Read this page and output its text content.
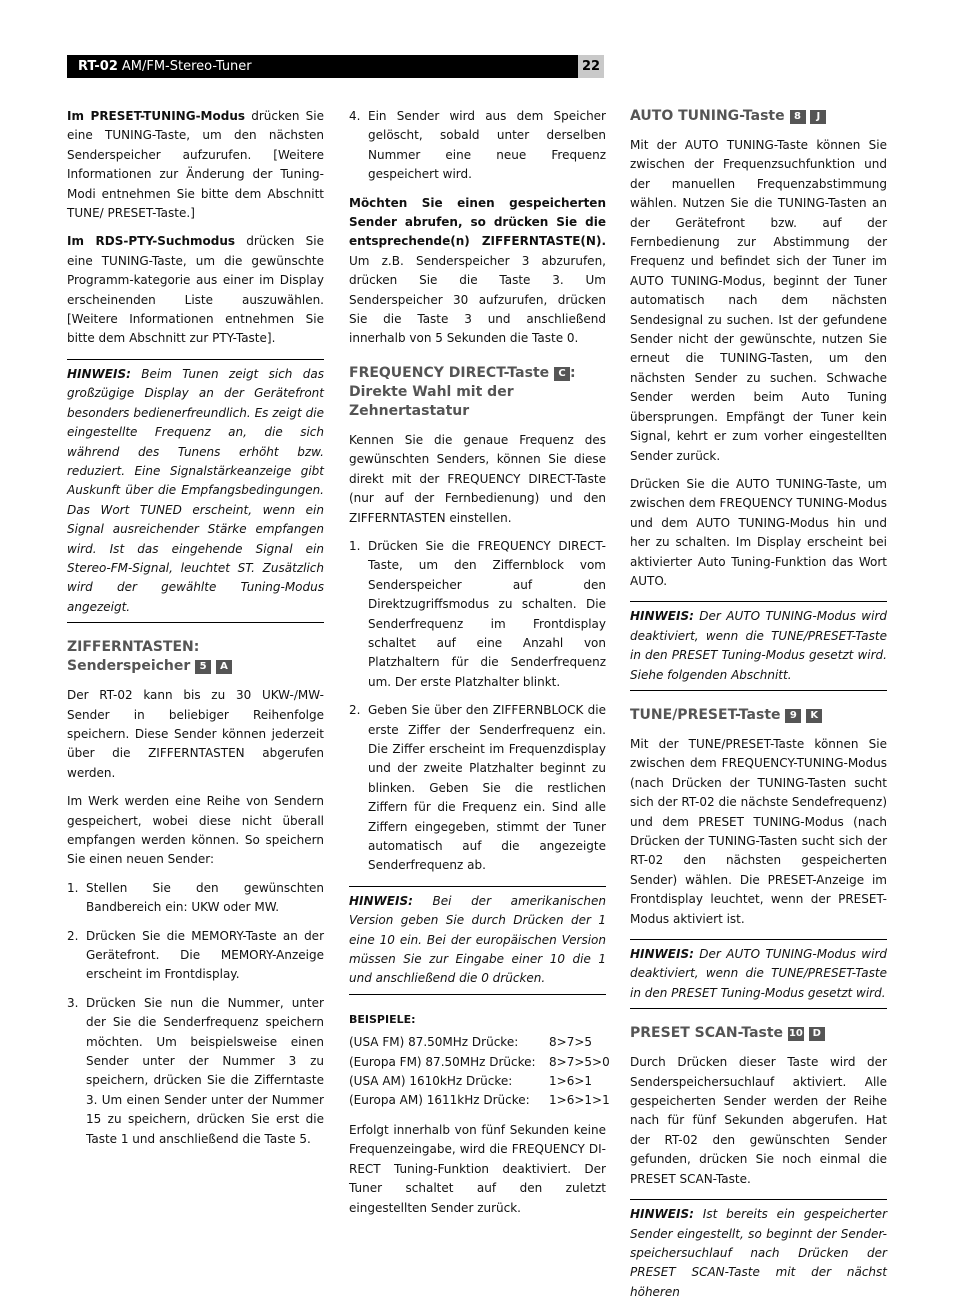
RT-02 AM/FM-Stereo-Tuner	22

Im PRESET-TUNING-Modus drücken Sie eine TUNING-Taste, um den nächsten Senderspeicher aufzurufen. [Weitere Informationen zur Änderung der Tuning-Modi entnehmen Sie bitte dem Abschnitt TUNE/ PRESET-Taste.]

Im RDS-PTY-Suchmodus drücken Sie eine TUNING-Taste, um die gewünschte Programm-kategorie aus einer im Display erscheinenden Liste auszuwählen. [Weitere Informationen entnehmen Sie bitte dem Abschnitt zur PTY-Taste].

HINWEIS: Beim Tunen zeigt sich das großzügige Display an der Gerätefront besonders bedienerfreundlich. Es zeigt die eingestellte Frequenz an, die sich während des Tunens erhöht bzw. reduziert. Eine Signalstärkeanzeige gibt Auskunft über die Empfangsbedingungen. Das Wort TUNED erscheint, wenn ein Signal ausreichender Stärke empfangen wird. Ist das eingehende Signal ein Stereo-FM-Signal, leuchtet ST. Zusätzlich wird der gewählte Tuning-Modus angezeigt.
ZIFFERNTASTEN:
Senderspeicher 5 A

Der RT-02 kann bis zu 30 UKW-/MW-Sender in beliebiger Reihenfolge speichern. Diese Sender können jederzeit über die ZIFFERNTASTEN abgerufen werden.

Im Werk werden eine Reihe von Sendern gespeichert, wobei diese nicht überall empfangen werden können. So speichern Sie einen neuen Sender:

1. Stellen Sie den gewünschten Bandbereich ein: UKW oder MW.
2. Drücken Sie die MEMORY-Taste an der Gerätefront. Die MEMORY-Anzeige erscheint im Frontdisplay.
3. Drücken Sie nun die Nummer, unter der Sie die Senderfrequenz speichern möchten. Um beispielsweise einen Sender unter der Nummer 3 zu speichern, drücken Sie die Zifferntaste 3. Um einen Sender unter der Nummer 15 zu speichern, drücken Sie erst die Taste 1 und anschließend die Taste 5.
4. Ein Sender wird aus dem Speicher gelöscht, sobald unter derselben Nummer eine neue Frequenz gespeichert wird.

Möchten Sie einen gespeicherten Sender abrufen, so drücken Sie die entsprechende(n) ZIFFERNTASTE(N). Um z.B. Senderspeicher 3 abzurufen, drücken Sie die Taste 3. Um Senderspeicher 30 aufzurufen, drücken Sie die Taste 3 und anschließend innerhalb von 5 Sekunden die Taste 0.

FREQUENCY DIRECT-Taste C :
Direkte Wahl mit der
Zehnertastatur

Kennen Sie die genaue Frequenz des gewünschten Senders, können Sie diese direkt mit der FREQUENCY DIRECT-Taste (nur auf der Fernbedienung) und den ZIFFERNTASTEN einstellen.

1. Drücken Sie die FREQUENCY DIRECT-Taste, um den Ziffernblock vom Senderspeicher auf den Direktzugriffsmodus zu schalten. Die Senderfrequenz im Frontdisplay schaltet auf eine Anzahl von Platzhaltern für die Senderfrequenz um. Der erste Platzhalter blinkt.
2. Geben Sie über den ZIFFERNBLOCK die erste Ziffer der Senderfrequenz ein. Die Ziffer erscheint im Frequenzdisplay und der zweite Platzhalter beginnt zu blinken. Geben Sie die restlichen Ziffern für die Frequenz ein. Sind alle Ziffern eingegeben, stimmt der Tuner automatisch auf die angezeigte Senderfrequenz ab.
HINWEIS: Bei der amerikanischen Version geben Sie durch Drücken der 1 eine 10 ein. Bei der europäischen Version müssen Sie zur Eingabe einer 10 die 1 und anschließend die 0 drücken.
BEISPIELE:
(USA FM) 87.50MHz Drücke:	8>7>5
(Europa FM) 87.50MHz Drücke: 8>7>5>0
(USA AM) 1610kHz Drücke:	1>6>1
(Europa AM) 1611kHz Drücke: 1>6>1>1

Erfolgt innerhalb von fünf Sekunden keine Frequenzeingabe, wird die FREQUENCY DI-RECT Tuning-Funktion deaktiviert. Der Tuner schaltet auf den zuletzt eingestellten Sender zurück.

AUTO TUNING-Taste 8 J

Mit der AUTO TUNING-Taste können Sie zwischen der Frequenzsuchfunktion und der manuellen Frequenzabstimmung wählen. Nutzen Sie die TUNING-Tasten an der Gerätefront bzw. auf der Fernbedienung zur Abstimmung der Frequenz und befindet sich der Tuner im AUTO TUNING-Modus, beginnt der Tuner automatisch nach dem nächsten Sendesignal zu suchen. Ist der gefundene Sender nicht der gewünschte, nutzen Sie erneut die TUNING-Tasten, um den nächsten Sender zu suchen. Schwache Sender werden beim Auto Tuning übersprungen. Empfängt der Tuner kein Signal, kehrt er zum vorher eingestellten Sender zurück.

Drücken Sie die AUTO TUNING-Taste, um zwischen dem FREQUENCY TUNING-Modus und dem AUTO TUNING-Modus hin und her zu schalten. Im Display erscheint bei aktivierter Auto Tuning-Funktion das Wort AUTO.

HINWEIS: Der AUTO TUNING-Modus wird deaktiviert, wenn die TUNE/PRESET-Taste in den PRESET Tuning-Modus gesetzt wird. Siehe folgenden Abschnitt.
TUNE/PRESET-Taste 9 K

Mit der TUNE/PRESET-Taste können Sie zwischen dem FREQUENCY-TUNING-Modus (nach Drücken der TUNING-Tasten sucht sich der RT-02 die nächste Sendefrequenz) und dem PRESET TUNING-Modus (nach Drücken der TUNING-Tasten sucht sich der RT-02 den nächsten gespeicherten Sender) wählen. Die PRESET-Anzeige im Frontdisplay leuchtet, wenn der PRESET-Modus aktiviert ist.

HINWEIS: Der AUTO TUNING-Modus wird deaktiviert, wenn die TUNE/PRESET-Taste in den PRESET Tuning-Modus gesetzt wird.
PRESET SCAN-Taste 10 D

Durch Drücken dieser Taste wird der Senderspeichersuchlauf aktiviert. Alle gespeicherten Sender werden der Reihe nach für fünf Sekunden abgerufen. Hat der RT-02 den gewünschten Sender gefunden, drücken Sie noch einmal die PRESET SCAN-Taste.

HINWEIS: Ist bereits ein gespeicherter Sender eingestellt, so beginnt der Sender-speichersuchlauf nach Drücken der PRESET SCAN-Taste mit der nächst höheren
